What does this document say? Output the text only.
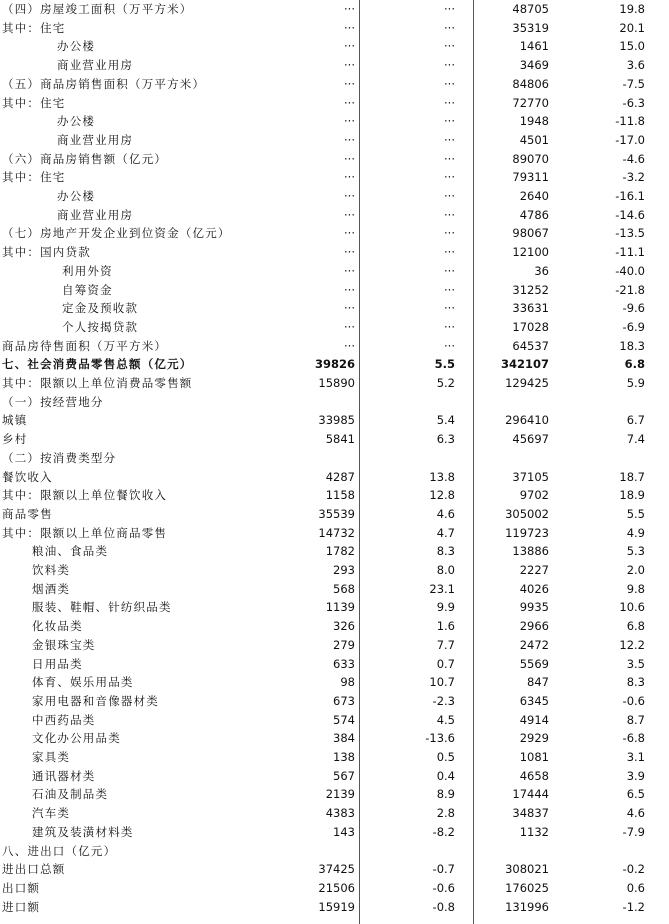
（四）房屋竣工面积（万平方米）	···	···	48705	19.8
其中：住宅	···	···	35319	20.1
办公楼	···	···	1461	15.0
商业营业用房	···	···	3469	3.6
（五）商品房销售面积（万平方米）	···	···	84806	-7.5
其中：住宅	···	···	72770	-6.3
办公楼	···	···	1948	-11.8
商业营业用房	···	···	4501	-17.0
（六）商品房销售额（亿元）	···	···	89070	-4.6
其中：住宅	···	···	79311	-3.2
办公楼	···	···	2640	-16.1
商业营业用房	···	···	4786	-14.6
（七）房地产开发企业到位资金（亿元）	···	···	98067	-13.5
其中：国内贷款	···	···	12100	-11.1
利用外资	···	···	36	-40.0
自筹资金	···	···	31252	-21.8
定金及预收款	···	···	33631	-9.6
个人按揭贷款	···	···	17028	-6.9
商品房待售面积（万平方米）	···	···	64537	18.3
七、社会消费品零售总额（亿元）	39826	5.5	342107	6.8
其中：限额以上单位消费品零售额	15890	5.2	129425	5.9
（一）按经营地分
城镇	33985	5.4	296410	6.7
乡村	5841	6.3	45697	7.4
（二）按消费类型分
餐饮收入	4287	13.8	37105	18.7
其中：限额以上单位餐饮收入	1158	12.8	9702	18.9
商品零售	35539	4.6	305002	5.5
其中：限额以上单位商品零售	14732	4.7	119723	4.9
粮油、食品类	1782	8.3	13886	5.3
饮料类	293	8.0	2227	2.0
烟酒类	568	23.1	4026	9.8
服装、鞋帽、针纺织品类	1139	9.9	9935	10.6
化妆品类	326	1.6	2966	6.8
金银珠宝类	279	7.7	2472	12.2
日用品类	633	0.7	5569	3.5
体育、娱乐用品类	98	10.7	847	8.3
家用电器和音像器材类	673	-2.3	6345	-0.6
中西药品类	574	4.5	4914	8.7
文化办公用品类	384	-13.6	2929	-6.8
家具类	138	0.5	1081	3.1
通讯器材类	567	0.4	4658	3.9
石油及制品类	2139	8.9	17444	6.5
汽车类	4383	2.8	34837	4.6
建筑及装潢材料类	143	-8.2	1132	-7.9
八、进出口（亿元）
进出口总额	37425	-0.7	308021	-0.2
出口额	21506	-0.6	176025	0.6
进口额	15919	-0.8	131996	-1.2
